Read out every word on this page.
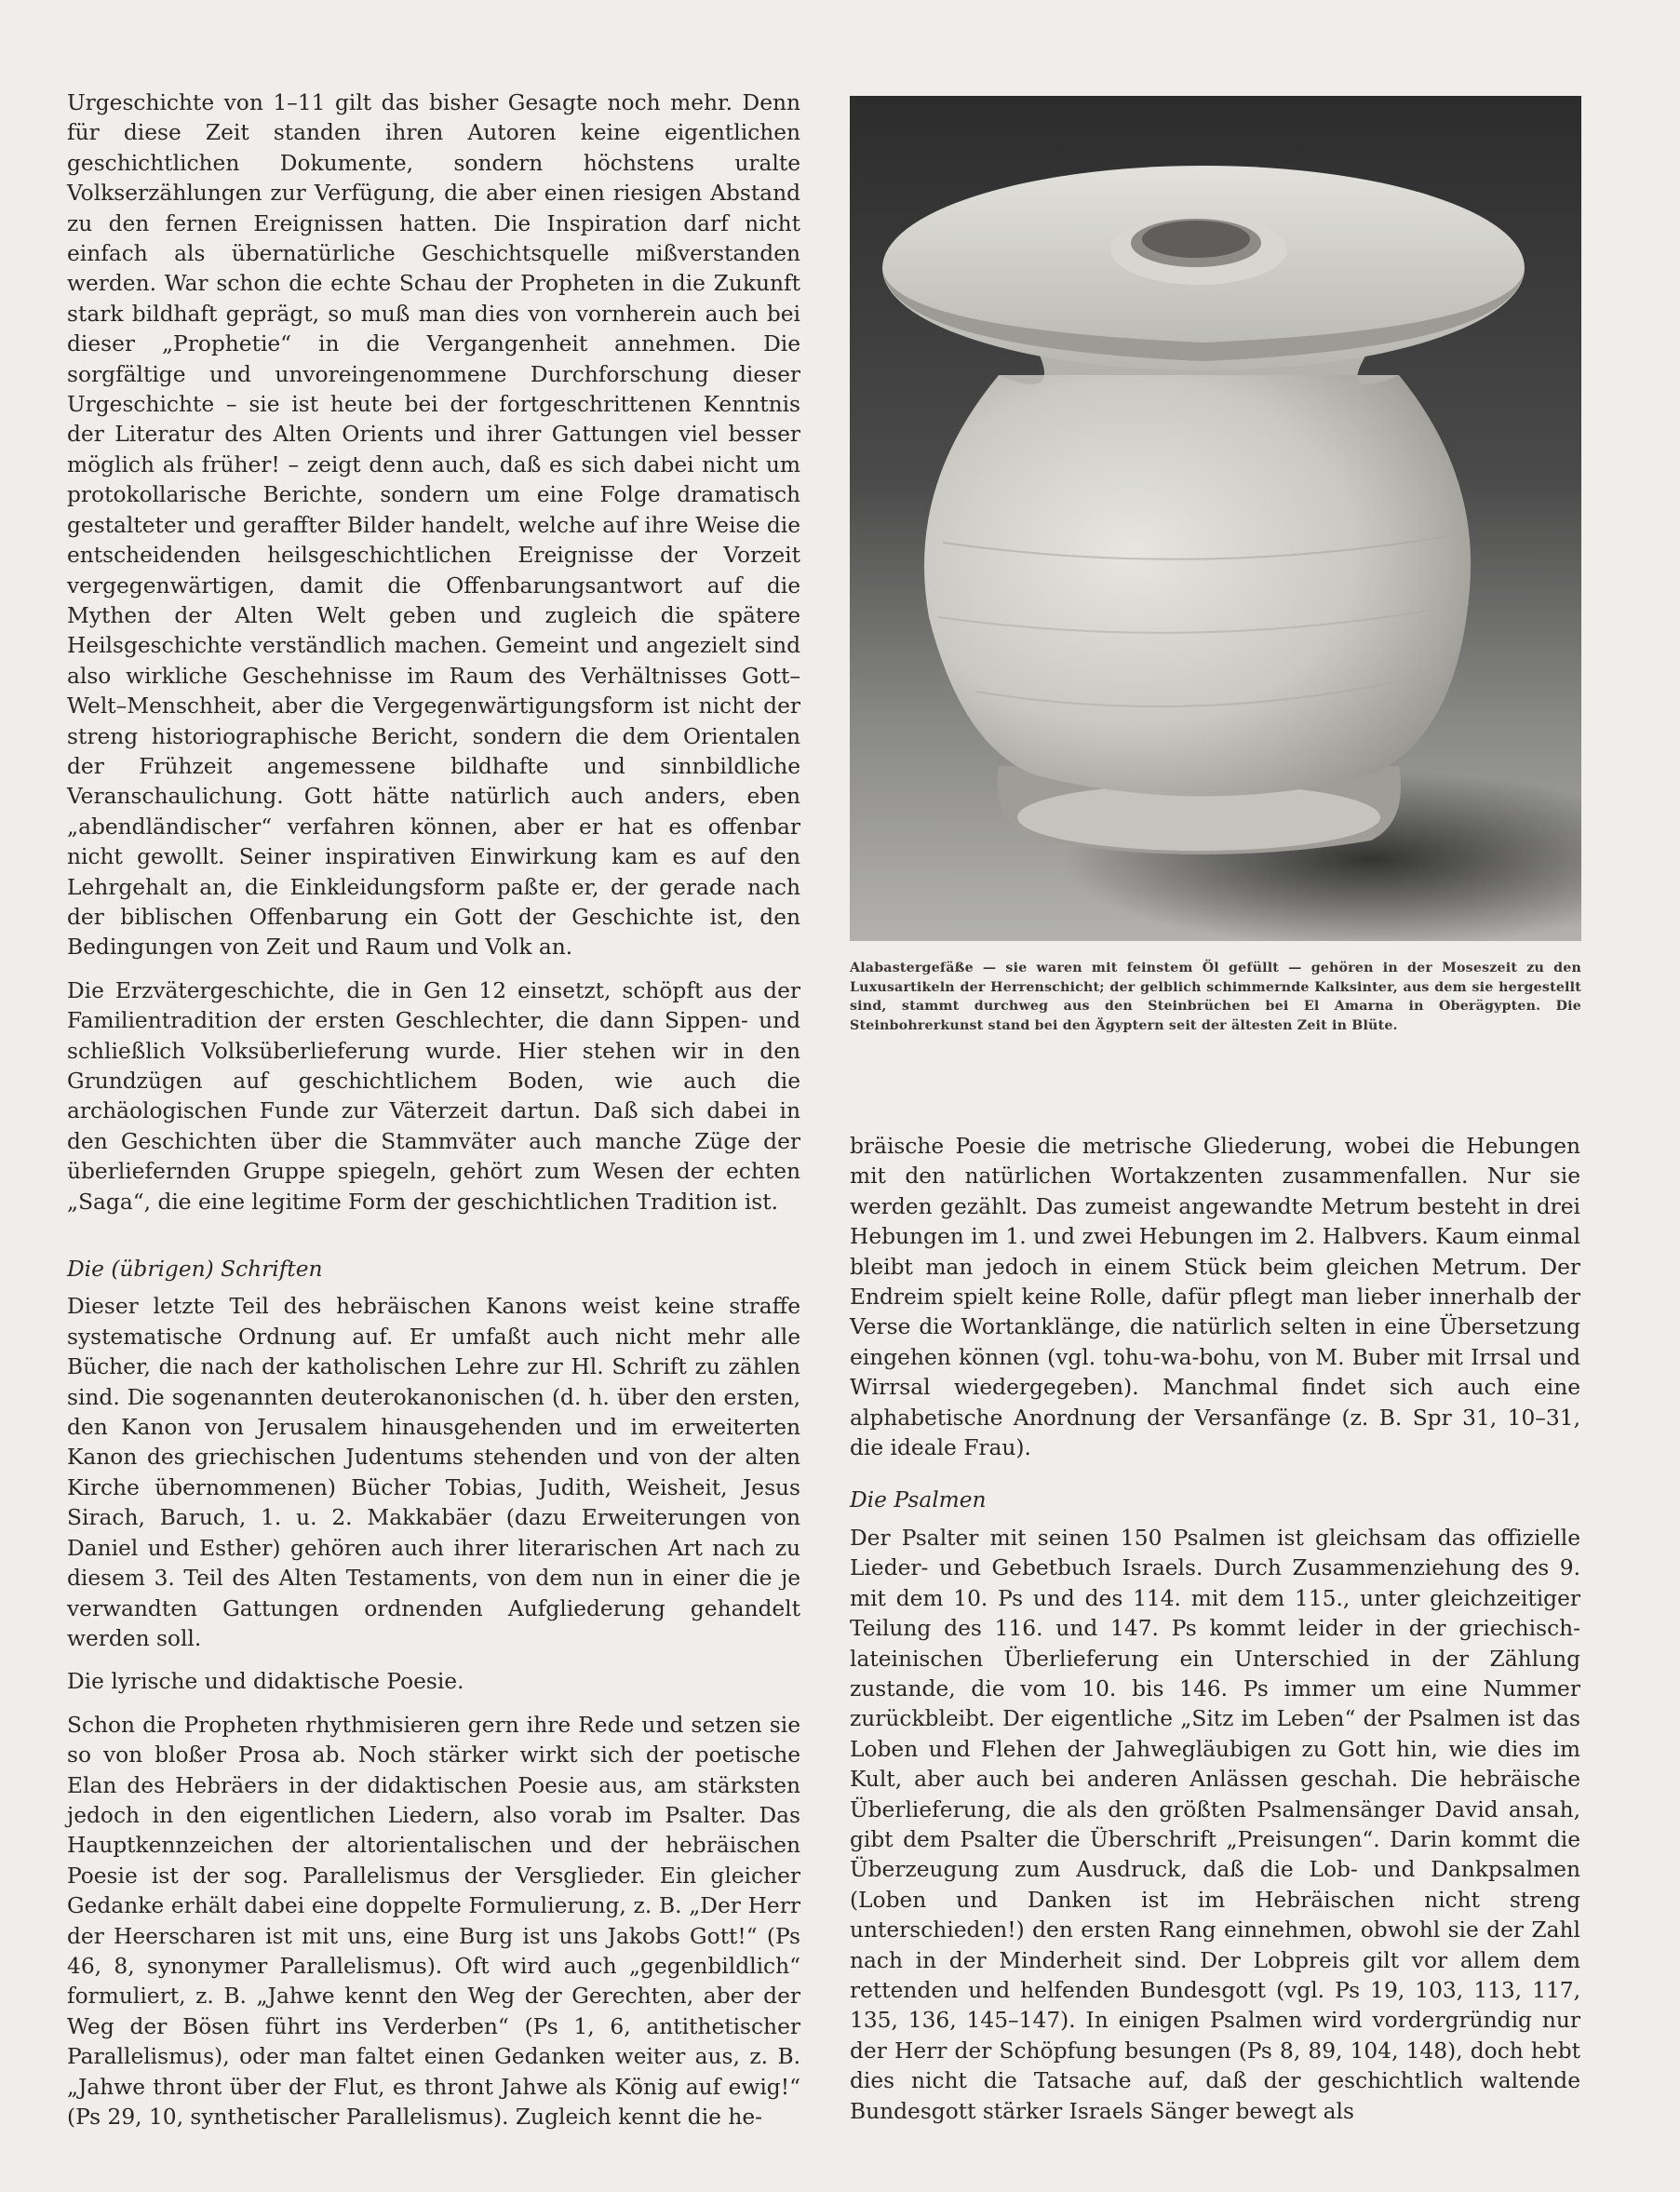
Urgeschichte von 1–11 gilt das bisher Gesagte noch mehr. Denn für diese Zeit standen ihren Autoren keine eigentlichen geschichtlichen Dokumente, sondern höchstens uralte Volkserzählungen zur Verfügung, die aber einen riesigen Abstand zu den fernen Ereignissen hatten. Die Inspiration darf nicht einfach als übernatürliche Geschichtsquelle mißverstanden werden. War schon die echte Schau der Propheten in die Zukunft stark bildhaft geprägt, so muß man dies von vornherein auch bei dieser „Prophetie“ in die Vergangenheit annehmen. Die sorgfältige und unvoreingenommene Durchforschung dieser Urgeschichte – sie ist heute bei der fortgeschrittenen Kenntnis der Literatur des Alten Orients und ihrer Gattungen viel besser möglich als früher! – zeigt denn auch, daß es sich dabei nicht um protokollarische Berichte, sondern um eine Folge dramatisch gestalteter und geraffter Bilder handelt, welche auf ihre Weise die entscheidenden heilsgeschichtlichen Ereignisse der Vorzeit vergegenwärtigen, damit die Offenbarungsantwort auf die Mythen der Alten Welt geben und zugleich die spätere Heilsgeschichte verständlich machen. Gemeint und angezielt sind also wirkliche Geschehnisse im Raum des Verhältnisses Gott–Welt–Menschheit, aber die Vergegenwärtigungsform ist nicht der streng historiographische Bericht, sondern die dem Orientalen der Frühzeit angemessene bildhafte und sinnbildliche Veranschaulichung. Gott hätte natürlich auch anders, eben „abendländischer“ verfahren können, aber er hat es offenbar nicht gewollt. Seiner inspirativen Einwirkung kam es auf den Lehrgehalt an, die Einkleidungsform paßte er, der gerade nach der biblischen Offenbarung ein Gott der Geschichte ist, den Bedingungen von Zeit und Raum und Volk an.

Die Erzvätergeschichte, die in Gen 12 einsetzt, schöpft aus der Familientradition der ersten Geschlechter, die dann Sippen- und schließlich Volksüberlieferung wurde. Hier stehen wir in den Grundzügen auf geschichtlichem Boden, wie auch die archäologischen Funde zur Väterzeit dartun. Daß sich dabei in den Geschichten über die Stammväter auch manche Züge der überliefernden Gruppe spiegeln, gehört zum Wesen der echten „Saga“, die eine legitime Form der geschichtlichen Tradition ist.

Die (übrigen) Schriften

Dieser letzte Teil des hebräischen Kanons weist keine straffe systematische Ordnung auf. Er umfaßt auch nicht mehr alle Bücher, die nach der katholischen Lehre zur Hl. Schrift zu zählen sind. Die sogenannten deuterokanonischen (d. h. über den ersten, den Kanon von Jerusalem hinausgehenden und im erweiterten Kanon des griechischen Judentums stehenden und von der alten Kirche übernommenen) Bücher Tobias, Judith, Weisheit, Jesus Sirach, Baruch, 1. u. 2. Makkabäer (dazu Erweiterungen von Daniel und Esther) gehören auch ihrer literarischen Art nach zu diesem 3. Teil des Alten Testaments, von dem nun in einer die je verwandten Gattungen ordnenden Aufgliederung gehandelt werden soll.

Die lyrische und didaktische Poesie.

Schon die Propheten rhythmisieren gern ihre Rede und setzen sie so von bloßer Prosa ab. Noch stärker wirkt sich der poetische Elan des Hebräers in der didaktischen Poesie aus, am stärksten jedoch in den eigentlichen Liedern, also vorab im Psalter. Das Hauptkennzeichen der altorientalischen und der hebräischen Poesie ist der sog. Parallelismus der Versglieder. Ein gleicher Gedanke erhält dabei eine doppelte Formulierung, z. B. „Der Herr der Heerscharen ist mit uns, eine Burg ist uns Jakobs Gott!“ (Ps 46, 8, synonymer Parallelismus). Oft wird auch „gegenbildlich“ formuliert, z. B. „Jahwe kennt den Weg der Gerechten, aber der Weg der Bösen führt ins Verderben“ (Ps 1, 6, antithetischer Parallelismus), oder man faltet einen Gedanken weiter aus, z. B. „Jahwe thront über der Flut, es thront Jahwe als König auf ewig!“ (Ps 29, 10, synthetischer Parallelismus). Zugleich kennt die he-

Alabastergefäße — sie waren mit feinstem Öl gefüllt — gehören in der Moseszeit zu den Luxusartikeln der Herrenschicht; der gelblich schimmernde Kalksinter, aus dem sie hergestellt sind, stammt durchweg aus den Steinbrüchen bei El Amarna in Oberägypten. Die Steinbohrerkunst stand bei den Ägyptern seit der ältesten Zeit in Blüte.

bräische Poesie die metrische Gliederung, wobei die Hebungen mit den natürlichen Wortakzenten zusammenfallen. Nur sie werden gezählt. Das zumeist angewandte Metrum besteht in drei Hebungen im 1. und zwei Hebungen im 2. Halbvers. Kaum einmal bleibt man jedoch in einem Stück beim gleichen Metrum. Der Endreim spielt keine Rolle, dafür pflegt man lieber innerhalb der Verse die Wortanklänge, die natürlich selten in eine Übersetzung eingehen können (vgl. tohu-wa-bohu, von M. Buber mit Irrsal und Wirrsal wiedergegeben). Manchmal findet sich auch eine alphabetische Anordnung der Versanfänge (z. B. Spr 31, 10–31, die ideale Frau).

Die Psalmen

Der Psalter mit seinen 150 Psalmen ist gleichsam das offizielle Lieder- und Gebetbuch Israels. Durch Zusammenziehung des 9. mit dem 10. Ps und des 114. mit dem 115., unter gleichzeitiger Teilung des 116. und 147. Ps kommt leider in der griechisch-lateinischen Überlieferung ein Unterschied in der Zählung zustande, die vom 10. bis 146. Ps immer um eine Nummer zurückbleibt. Der eigentliche „Sitz im Leben“ der Psalmen ist das Loben und Flehen der Jahwegläubigen zu Gott hin, wie dies im Kult, aber auch bei anderen Anlässen geschah. Die hebräische Überlieferung, die als den größten Psalmensänger David ansah, gibt dem Psalter die Überschrift „Preisungen“. Darin kommt die Überzeugung zum Ausdruck, daß die Lob- und Dankpsalmen (Loben und Danken ist im Hebräischen nicht streng unterschieden!) den ersten Rang einnehmen, obwohl sie der Zahl nach in der Minderheit sind. Der Lobpreis gilt vor allem dem rettenden und helfenden Bundesgott (vgl. Ps 19, 103, 113, 117, 135, 136, 145–147). In einigen Psalmen wird vordergründig nur der Herr der Schöpfung besungen (Ps 8, 89, 104, 148), doch hebt dies nicht die Tatsache auf, daß der geschichtlich waltende Bundesgott stärker Israels Sänger bewegt als
